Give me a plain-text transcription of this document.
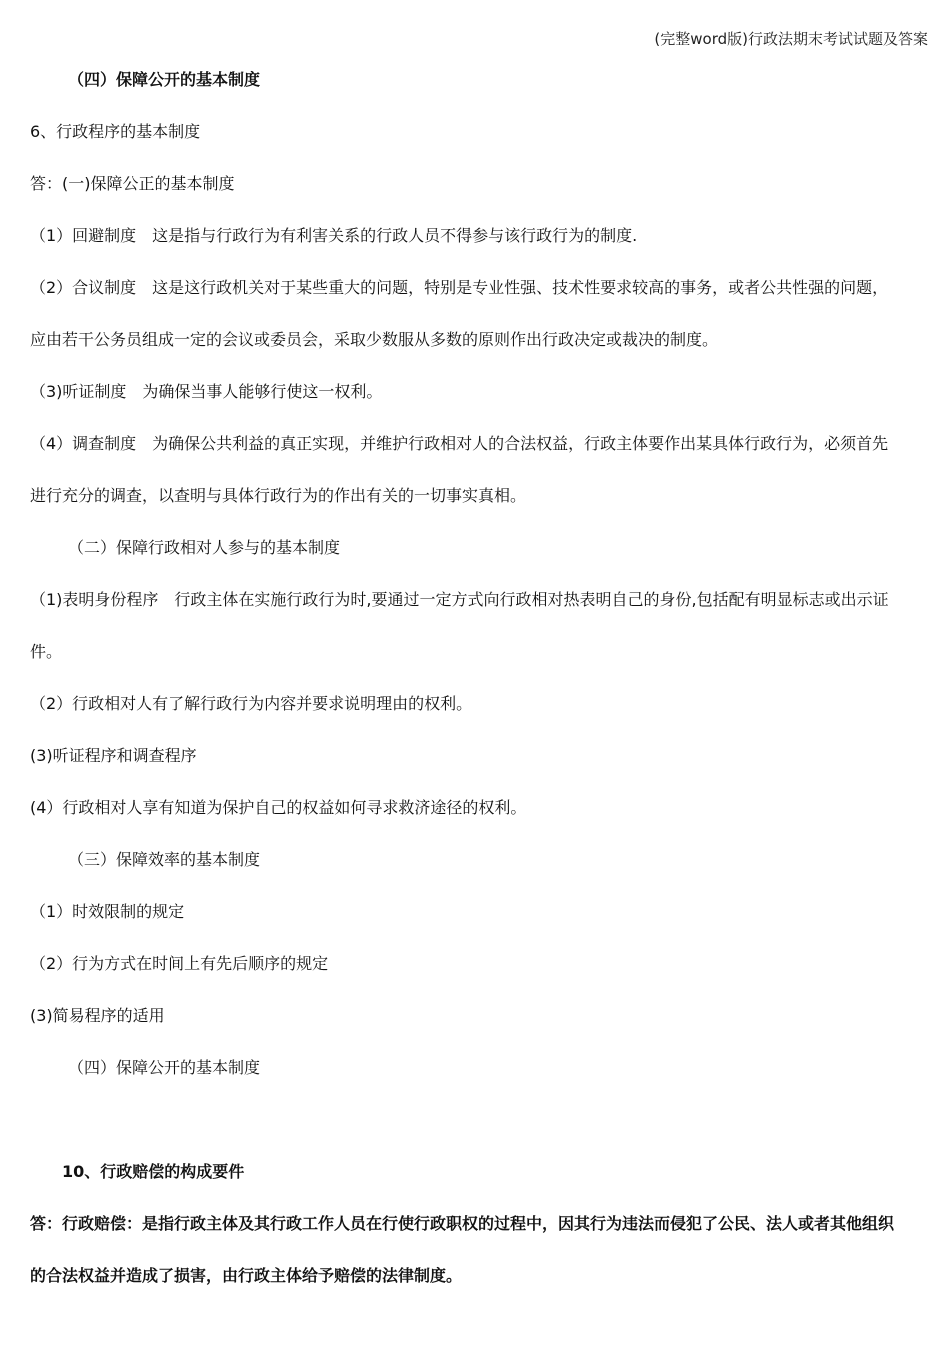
(完整word版)行政法期末考试试题及答案
（四）保障公开的基本制度
6、行政程序的基本制度
答：(一)保障公正的基本制度
（1）回避制度　这是指与行政行为有利害关系的行政人员不得参与该行政行为的制度.
（2）合议制度　这是这行政机关对于某些重大的问题，特别是专业性强、技术性要求较高的事务，或者公共性强的问题，
应由若干公务员组成一定的会议或委员会，采取少数服从多数的原则作出行政决定或裁决的制度。
（3)听证制度　为确保当事人能够行使这一权利。
（4）调查制度　为确保公共利益的真正实现，并维护行政相对人的合法权益，行政主体要作出某具体行政行为，必须首先
进行充分的调查，以查明与具体行政行为的作出有关的一切事实真相。
（二）保障行政相对人参与的基本制度
（1)表明身份程序　行政主体在实施行政行为时,要通过一定方式向行政相对热表明自己的身份,包括配有明显标志或出示证
件。
（2）行政相对人有了解行政行为内容并要求说明理由的权利。
(3)听证程序和调查程序
(4）行政相对人享有知道为保护自己的权益如何寻求救济途径的权利。
（三）保障效率的基本制度
（1）时效限制的规定
（2）行为方式在时间上有先后顺序的规定
(3)简易程序的适用
（四）保障公开的基本制度
10、行政赔偿的构成要件
答：行政赔偿：是指行政主体及其行政工作人员在行使行政职权的过程中，因其行为违法而侵犯了公民、法人或者其他组织
的合法权益并造成了损害，由行政主体给予赔偿的法律制度。
